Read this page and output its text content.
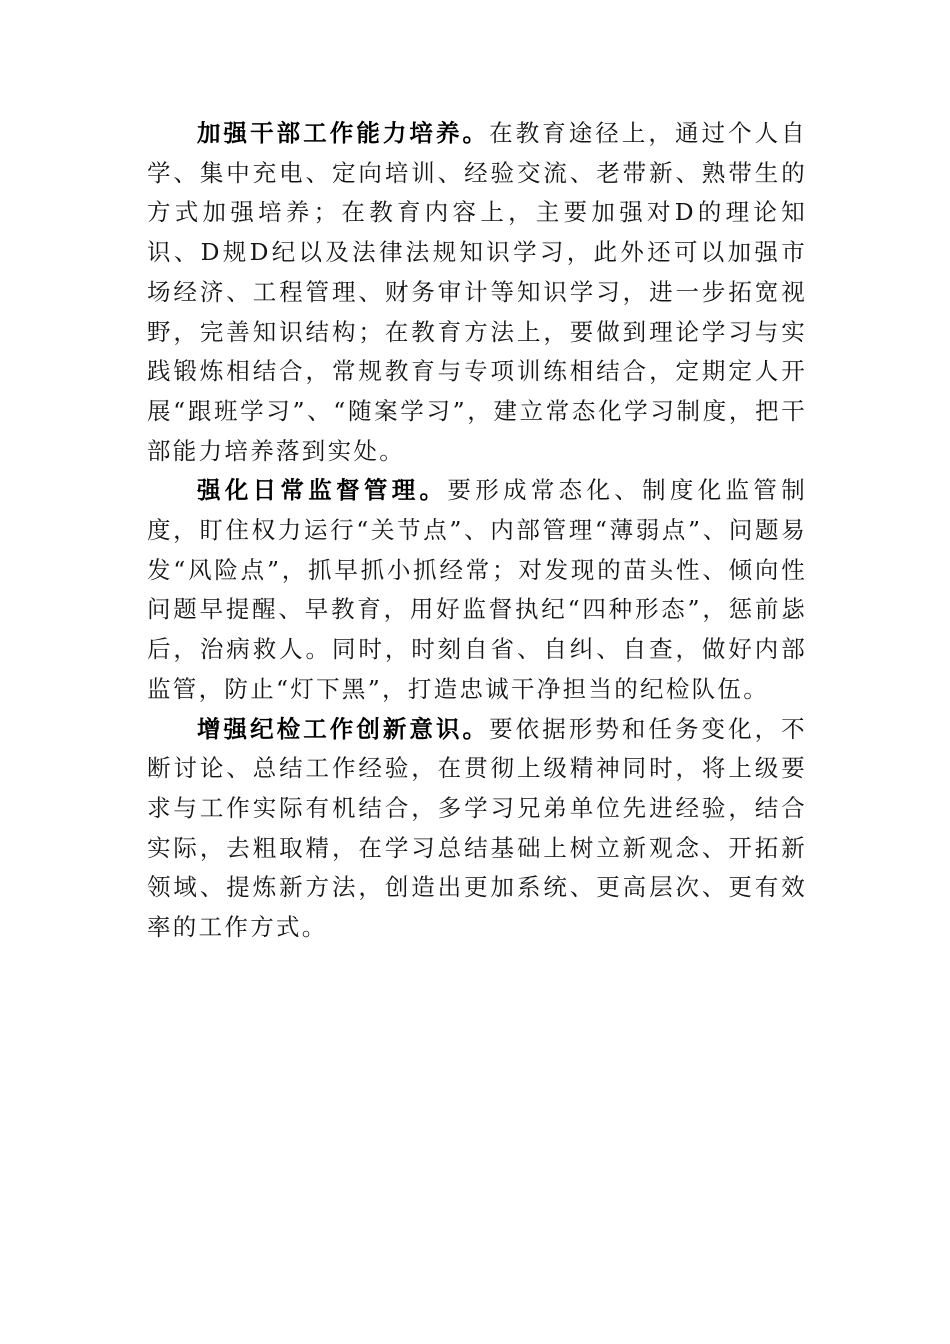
加强干部工作能力培养。在教育途径上，通过个人自学、集中充电、定向培训、经验交流、老带新、熟带生的方式加强培养；在教育内容上，主要加强对D的理论知识、D规D纪以及法律法规知识学习，此外还可以加强市场经济、工程管理、财务审计等知识学习，进一步拓宽视野，完善知识结构；在教育方法上，要做到理论学习与实践锻炼相结合，常规教育与专项训练相结合，定期定人开展“跟班学习”、“随案学习”，建立常态化学习制度，把干部能力培养落到实处。

强化日常监督管理。要形成常态化、制度化监管制度，盯住权力运行“关节点”、内部管理“薄弱点”、问题易发“风险点”，抓早抓小抓经常；对发现的苗头性、倾向性问题早提醒、早教育，用好监督执纪“四种形态”，惩前毖后，治病救人。同时，时刻自省、自纠、自查，做好内部监管，防止“灯下黑”，打造忠诚干净担当的纪检队伍。

增强纪检工作创新意识。要依据形势和任务变化，不断讨论、总结工作经验，在贯彻上级精神同时，将上级要求与工作实际有机结合，多学习兄弟单位先进经验，结合实际，去粗取精，在学习总结基础上树立新观念、开拓新领域、提炼新方法，创造出更加系统、更高层次、更有效率的工作方式。
